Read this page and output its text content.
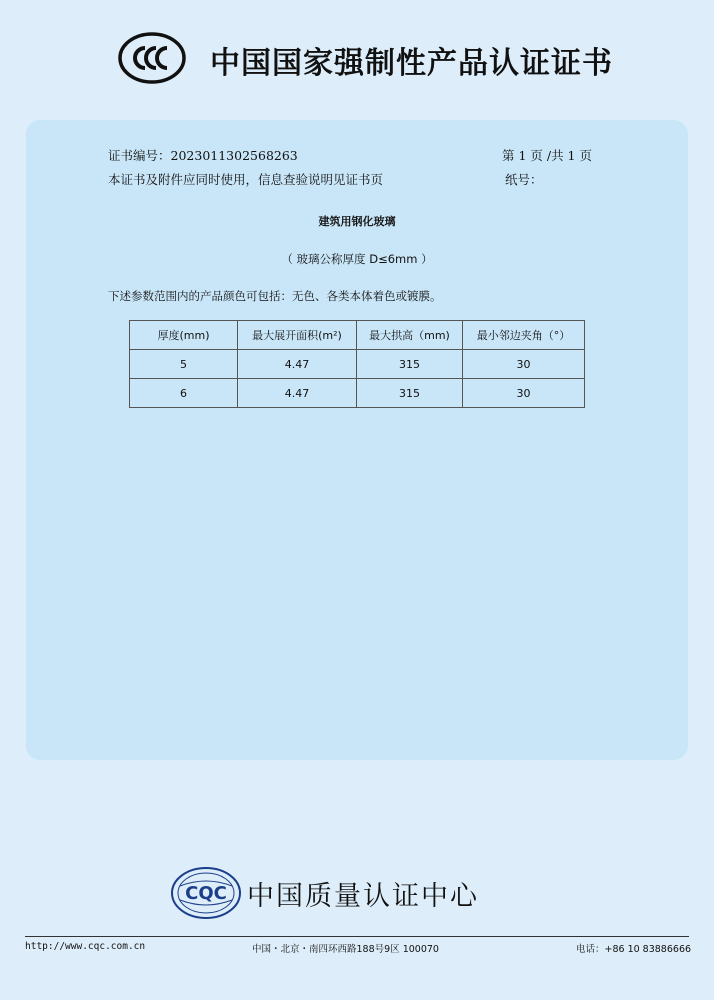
中国国家强制性产品认证证书
证书编号：2023011302568263	第 1 页 /共 1 页
本证书及附件应同时使用，信息查验说明见证书页	纸号：
建筑用钢化玻璃
（ 玻璃公称厚度 D≤6mm ）
下述参数范围内的产品颜色可包括：无色、各类本体着色或镀膜。
厚度(mm)	最大展开面积(m²)	最大拱高（mm)	最小邻边夹角（°）
5	4.47	315	30
6	4.47	315	30
CQC 中国质量认证中心
http://www.cqc.com.cn	中国・北京・南四环西路188号9区 100070	电话：+86 10 83886666
